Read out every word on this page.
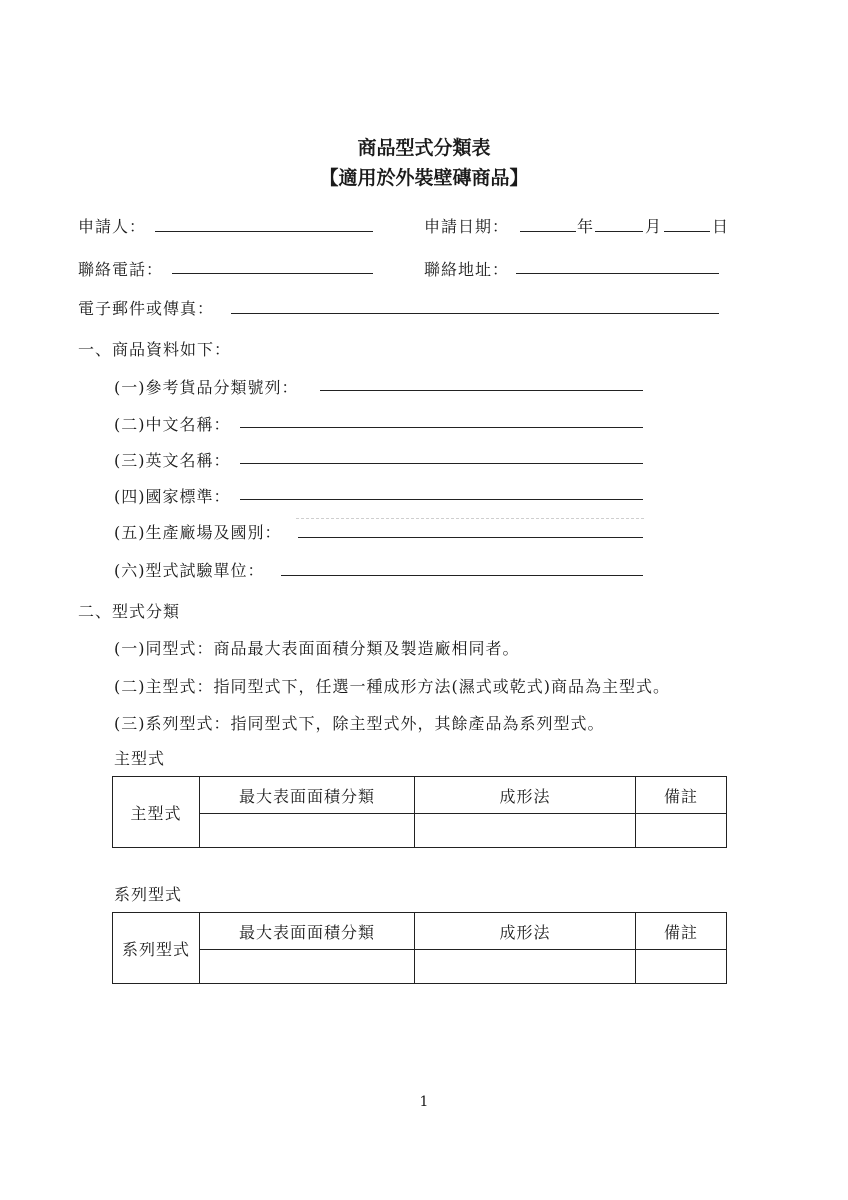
商品型式分類表
【適用於外裝壁磚商品】
申請人：	申請日期：	年	月	日
聯絡電話：	聯絡地址：
電子郵件或傳真：
一、商品資料如下：
(一)參考貨品分類號列：
(二)中文名稱：
(三)英文名稱：
(四)國家標準：
(五)生產廠場及國別：
(六)型式試驗單位：
二、型式分類
(一)同型式：商品最大表面面積分類及製造廠相同者。
(二)主型式：指同型式下，任選一種成形方法(濕式或乾式)商品為主型式。
(三)系列型式：指同型式下，除主型式外，其餘產品為系列型式。
主型式
主型式	最大表面面積分類	成形法	備註

系列型式
系列型式	最大表面面積分類	成形法	備註

1
